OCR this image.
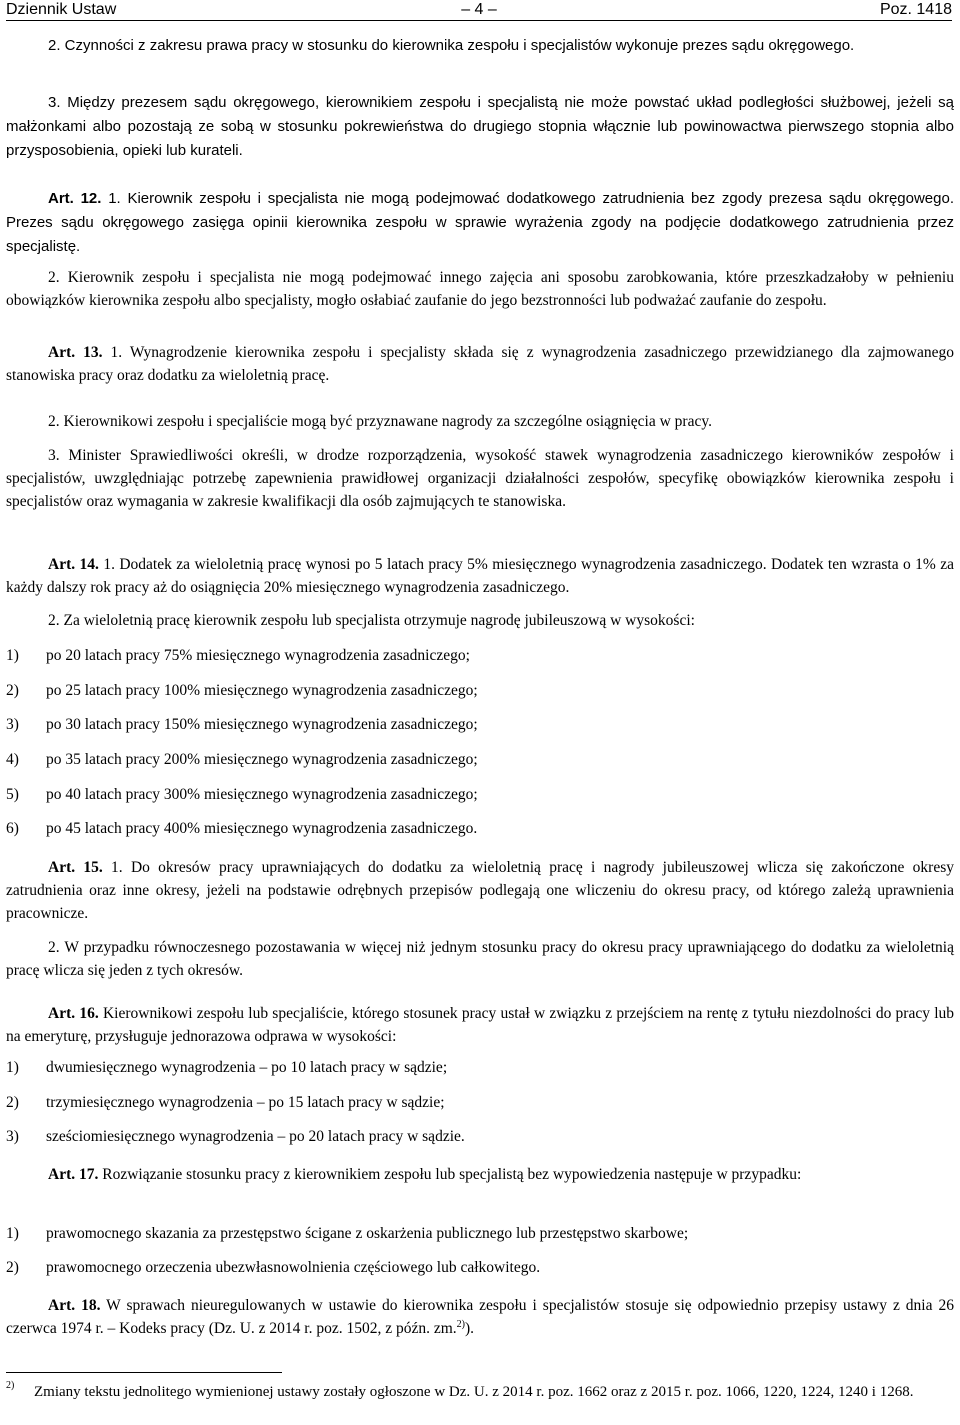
Dziennik Ustaw	– 4 –	Poz. 1418

2. Czynności z zakresu prawa pracy w stosunku do kierownika zespołu i specjalistów wykonuje prezes sądu okręgowego.

3. Między prezesem sądu okręgowego, kierownikiem zespołu i specjalistą nie może powstać układ podległości służbowej, jeżeli są małżonkami albo pozostają ze sobą w stosunku pokrewieństwa do drugiego stopnia włącznie lub powinowactwa pierwszego stopnia albo przysposobienia, opieki lub kurateli.

Art. 12. 1. Kierownik zespołu i specjalista nie mogą podejmować dodatkowego zatrudnienia bez zgody prezesa sądu okręgowego. Prezes sądu okręgowego zasięga opinii kierownika zespołu w sprawie wyrażenia zgody na podjęcie dodatkowego zatrudnienia przez specjalistę.

2. Kierownik zespołu i specjalista nie mogą podejmować innego zajęcia ani sposobu zarobkowania, które przeszkadzałoby w pełnieniu obowiązków kierownika zespołu albo specjalisty, mogło osłabiać zaufanie do jego bezstronności lub podważać zaufanie do zespołu.

Art. 13. 1. Wynagrodzenie kierownika zespołu i specjalisty składa się z wynagrodzenia zasadniczego przewidzianego dla zajmowanego stanowiska pracy oraz dodatku za wieloletnią pracę.

2. Kierownikowi zespołu i specjaliście mogą być przyznawane nagrody za szczególne osiągnięcia w pracy.

3. Minister Sprawiedliwości określi, w drodze rozporządzenia, wysokość stawek wynagrodzenia zasadniczego kierowników zespołów i specjalistów, uwzględniając potrzebę zapewnienia prawidłowej organizacji działalności zespołów, specyfikę obowiązków kierownika zespołu i specjalistów oraz wymagania w zakresie kwalifikacji dla osób zajmujących te stanowiska.

Art. 14. 1. Dodatek za wieloletnią pracę wynosi po 5 latach pracy 5% miesięcznego wynagrodzenia zasadniczego. Dodatek ten wzrasta o 1% za każdy dalszy rok pracy aż do osiągnięcia 20% miesięcznego wynagrodzenia zasadniczego.

2. Za wieloletnią pracę kierownik zespołu lub specjalista otrzymuje nagrodę jubileuszową w wysokości:

1) po 20 latach pracy 75% miesięcznego wynagrodzenia zasadniczego;
2) po 25 latach pracy 100% miesięcznego wynagrodzenia zasadniczego;
3) po 30 latach pracy 150% miesięcznego wynagrodzenia zasadniczego;
4) po 35 latach pracy 200% miesięcznego wynagrodzenia zasadniczego;
5) po 40 latach pracy 300% miesięcznego wynagrodzenia zasadniczego;
6) po 45 latach pracy 400% miesięcznego wynagrodzenia zasadniczego.

Art. 15. 1. Do okresów pracy uprawniających do dodatku za wieloletnią pracę i nagrody jubileuszowej wlicza się zakończone okresy zatrudnienia oraz inne okresy, jeżeli na podstawie odrębnych przepisów podlegają one wliczeniu do okresu pracy, od którego zależą uprawnienia pracownicze.

2. W przypadku równoczesnego pozostawania w więcej niż jednym stosunku pracy do okresu pracy uprawniającego do dodatku za wieloletnią pracę wlicza się jeden z tych okresów.

Art. 16. Kierownikowi zespołu lub specjaliście, którego stosunek pracy ustał w związku z przejściem na rentę z tytułu niezdolności do pracy lub na emeryturę, przysługuje jednorazowa odprawa w wysokości:

1) dwumiesięcznego wynagrodzenia – po 10 latach pracy w sądzie;
2) trzymiesięcznego wynagrodzenia – po 15 latach pracy w sądzie;
3) sześciomiesięcznego wynagrodzenia – po 20 latach pracy w sądzie.

Art. 17. Rozwiązanie stosunku pracy z kierownikiem zespołu lub specjalistą bez wypowiedzenia następuje w przypadku:

1) prawomocnego skazania za przestępstwo ścigane z oskarżenia publicznego lub przestępstwo skarbowe;
2) prawomocnego orzeczenia ubezwłasnowolnienia częściowego lub całkowitego.

Art. 18. W sprawach nieuregulowanych w ustawie do kierownika zespołu i specjalistów stosuje się odpowiednio przepisy ustawy z dnia 26 czerwca 1974 r. – Kodeks pracy (Dz. U. z 2014 r. poz. 1502, z późn. zm.$^{2)}$).

2) Zmiany tekstu jednolitego wymienionej ustawy zostały ogłoszone w Dz. U. z 2014 r. poz. 1662 oraz z 2015 r. poz. 1066, 1220, 1224, 1240 i 1268.
